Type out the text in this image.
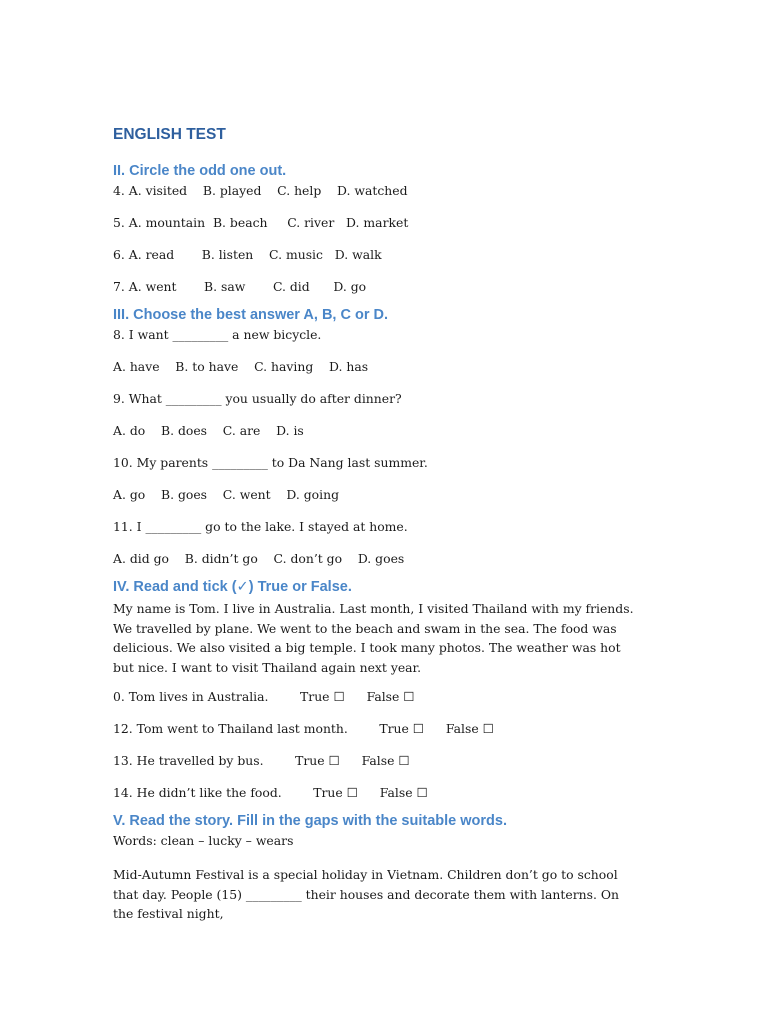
ENGLISH TEST
II. Circle the odd one out.
4. A. visited    B. played    C. help    D. watched
5. A. mountain  B. beach     C. river   D. market
6. A. read       B. listen    C. music   D. walk
7. A. went       B. saw       C. did      D. go
III. Choose the best answer A, B, C or D.
8. I want _________ a new bicycle.
A. have    B. to have    C. having    D. has
9. What _________ you usually do after dinner?
A. do    B. does    C. are    D. is
10. My parents _________ to Da Nang last summer.
A. go    B. goes    C. went    D. going
11. I _________ go to the lake. I stayed at home.
A. did go    B. didn’t go    C. don’t go    D. goes
IV. Read and tick (✓) True or False.
My name is Tom. I live in Australia. Last month, I visited Thailand with my friends. We travelled by plane. We went to the beach and swam in the sea. The food was delicious. We also visited a big temple. I took many photos. The weather was hot but nice. I want to visit Thailand again next year.
0. Tom lives in Australia.	True ☐ False ☐
12. Tom went to Thailand last month.	True ☐ False ☐
13. He travelled by bus.	True ☐ False ☐
14. He didn’t like the food.	True ☐ False ☐
V. Read the story. Fill in the gaps with the suitable words.
Words: clean – lucky – wears
Mid-Autumn Festival is a special holiday in Vietnam. Children don’t go to school that day. People (15) _________ their houses and decorate them with lanterns. On the festival night,
